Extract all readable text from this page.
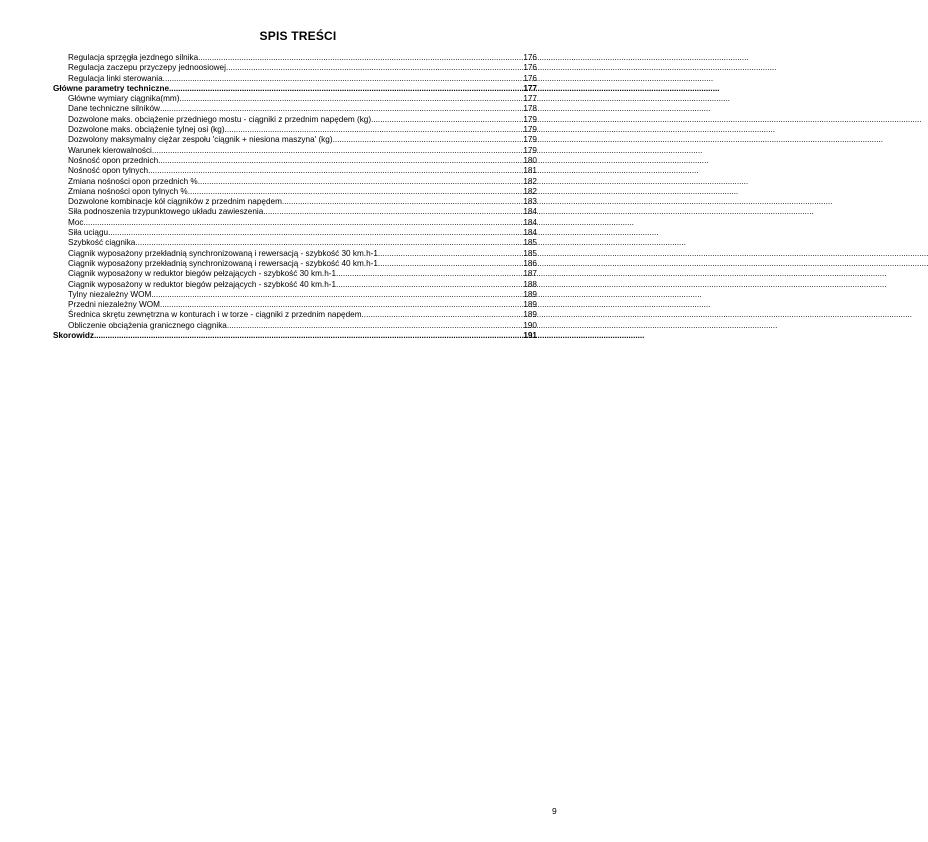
SPIS TREŚCI
Regulacja sprzęgła jezdnego silnika .....	176
Regulacja zaczepu przyczepy jednoosiowej .....	176
Regulacja linki sterowania .....	176
Główne parametry techniczne .....	177
Główne wymiary ciągnika(mm) .....	177
Dane techniczne silników .....	178
Dozwolone maks. obciążenie przedniego mostu - ciągniki z przednim napędem (kg) .....	179
Dozwolone maks. obciążenie tylnej osi (kg) .....	179
Dozwolony maksymalny ciężar zespołu 'ciągnik + niesiona maszyna' (kg) .....	179
Warunek kierowalności .....	179
Nośność opon przednich .....	180
Nośność opon tylnych .....	181
Zmiana nośności opon przednich % .....	182
Zmiana nośności opon tylnych % .....	182
Dozwolone kombinacje kół ciągników z przednim napędem .....	183
Siła podnoszenia trzypunktowego układu zawieszenia .....	184
Moc .....	184
Siła uciągu .....	184
Szybkość ciągnika .....	185
Ciągnik wyposażony przekładnią synchronizowaną i rewersacją - szybkość 30 km.h-1 .....	185
Ciągnik wyposażony przekładnią synchronizowaną i rewersacją - szybkość 40 km.h-1 .....	186
Ciągnik wyposażony w reduktor biegów pełzających - szybkość 30 km.h-1 .....	187
Ciągnik wyposażony w reduktor biegów pełzających - szybkość 40 km.h-1 .....	188
Tylny niezależny WOM .....	189
Przedni niezależny WOM .....	189
Średnica skrętu zewnętrzna w konturach i w torze - ciągniki z przednim napędem .....	189
Obliczenie obciążenia granicznego ciągnika .....	190
Skorowidz .....	191
9
